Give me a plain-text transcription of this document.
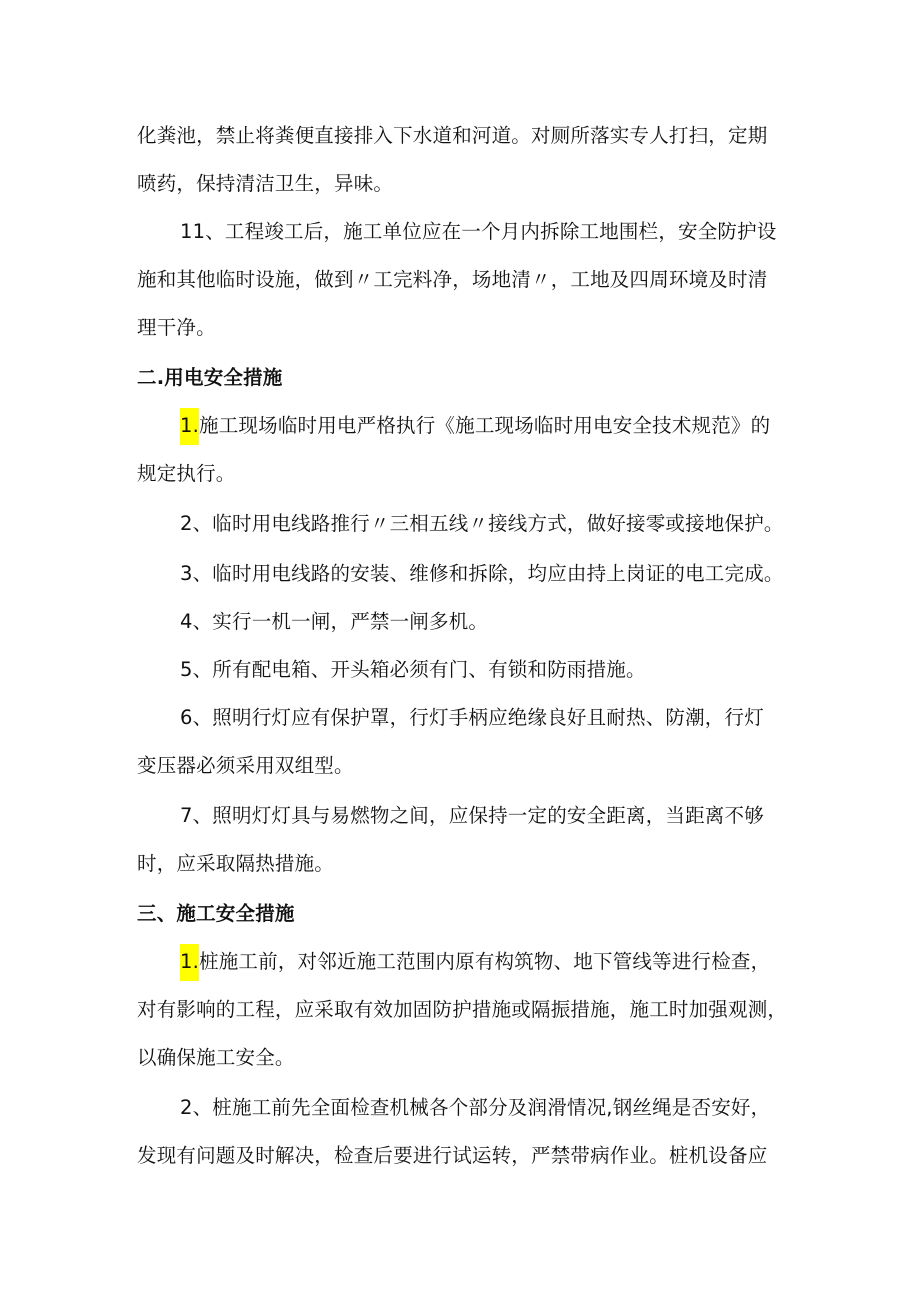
化粪池，禁止将粪便直接排入下水道和河道。对厕所落实专人打扫，定期
喷药，保持清洁卫生，异味。
11、工程竣工后，施工单位应在一个月内拆除工地围栏，安全防护设
施和其他临时设施，做到〃工完料净，场地清〃，工地及四周环境及时清
理干净。
二.用电安全措施
1.施工现场临时用电严格执行《施工现场临时用电安全技术规范》的
规定执行。
2、临时用电线路推行〃三相五线〃接线方式，做好接零或接地保护。
3、临时用电线路的安装、维修和拆除，均应由持上岗证的电工完成。
4、实行一机一闸，严禁一闸多机。
5、所有配电箱、开头箱必须有门、有锁和防雨措施。
6、照明行灯应有保护罩，行灯手柄应绝缘良好且耐热、防潮，行灯
变压器必须采用双组型。
7、照明灯灯具与易燃物之间，应保持一定的安全距离，当距离不够
时，应采取隔热措施。
三、施工安全措施
1.桩施工前，对邻近施工范围内原有构筑物、地下管线等进行检查，
对有影响的工程，应采取有效加固防护措施或隔振措施，施工时加强观测，
以确保施工安全。
2、桩施工前先全面检查机械各个部分及润滑情况,钢丝绳是否安好，
发现有问题及时解决，检查后要进行试运转，严禁带病作业。桩机设备应
